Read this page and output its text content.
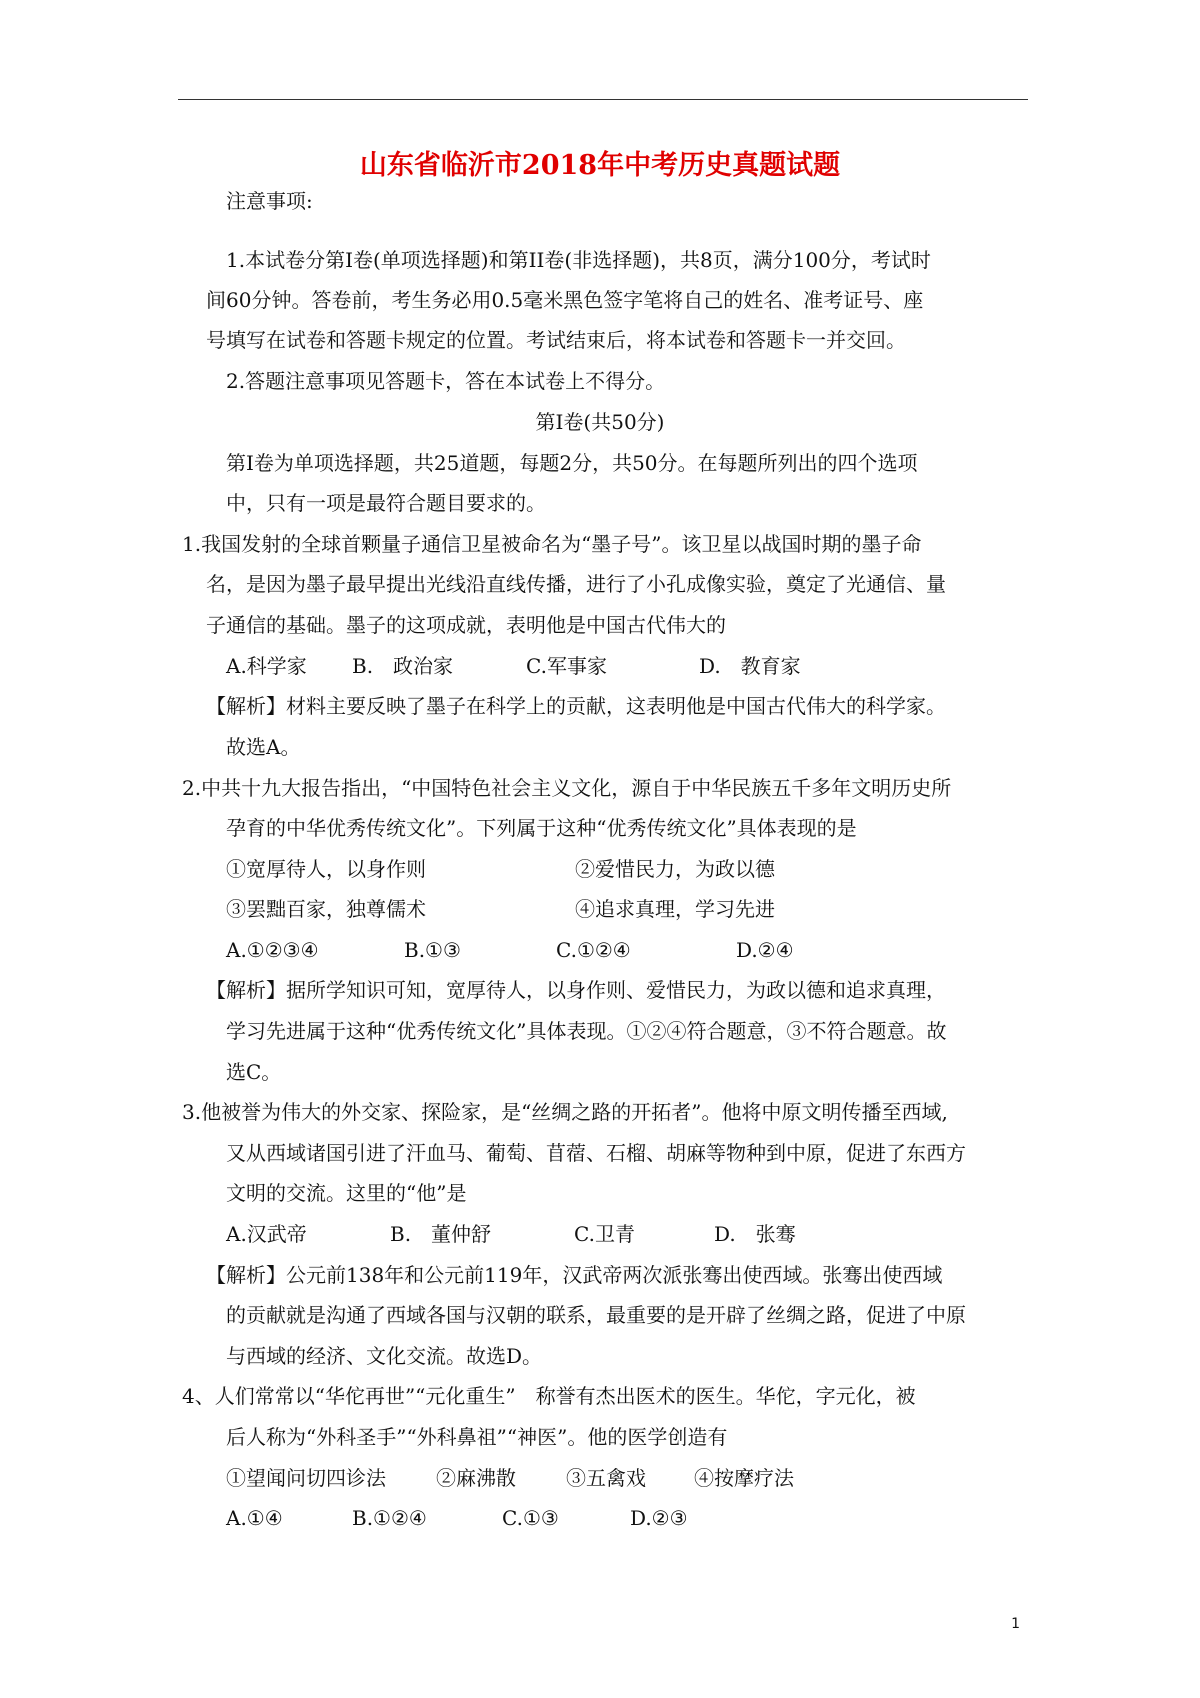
山东省临沂市2018年中考历史真题试题
注意事项:
1.本试卷分第I卷(单项选择题)和第II卷(非选择题)，共8页，满分100分，考试时
间60分钟。答卷前，考生务必用0.5毫米黑色签字笔将自己的姓名、准考证号、座
号填写在试卷和答题卡规定的位置。考试结束后，将本试卷和答题卡一并交回。
2.答题注意事项见答题卡，答在本试卷上不得分。
第I卷(共50分)
第I卷为单项选择题，共25道题，每题2分，共50分。在每题所列出的四个选项
中，只有一项是最符合题目要求的。
1.我国发射的全球首颗量子通信卫星被命名为“墨子号”。该卫星以战国时期的墨子命
名，是因为墨子最早提出光线沿直线传播，进行了小孔成像实验，奠定了光通信、量
子通信的基础。墨子的这项成就，表明他是中国古代伟大的
A.科学家 B.　政治家	C.军事家	D.　教育家
【解析】材料主要反映了墨子在科学上的贡献，这表明他是中国古代伟大的科学家。
故选A。
2.中共十九大报告指出，“中国特色社会主义文化，源自于中华民族五千多年文明历史所
孕育的中华优秀传统文化”。下列属于这种“优秀传统文化”具体表现的是
①宽厚待人，以身作则	②爱惜民力，为政以德
③罢黜百家，独尊儒术	④追求真理，学习先进
A.①②③④	B.①③	C.①②④	D.②④
【解析】据所学知识可知，宽厚待人，以身作则、爱惜民力，为政以德和追求真理，
学习先进属于这种“优秀传统文化”具体表现。①②④符合题意，③不符合题意。故
选C。
3.他被誉为伟大的外交家、探险家，是“丝绸之路的开拓者”。他将中原文明传播至西域,
又从西域诸国引进了汗血马、葡萄、苜蓿、石榴、胡麻等物种到中原，促进了东西方
文明的交流。这里的“他”是
A.汉武帝	B.　董仲舒	C.卫青	D.　张骞
【解析】公元前138年和公元前119年，汉武帝两次派张骞出使西域。张骞出使西域
的贡献就是沟通了西域各国与汉朝的联系，最重要的是开辟了丝绸之路，促进了中原
与西域的经济、文化交流。故选D。
4、人们常常以“华佗再世”“元化重生”　称誉有杰出医术的医生。华佗，字元化，被
后人称为“外科圣手”“外科鼻祖”“神医”。他的医学创造有
①望闻问切四诊法	②麻沸散	③五禽戏 ④按摩疗法
A.①④	B.①②④	C.①③	D.②③
1
